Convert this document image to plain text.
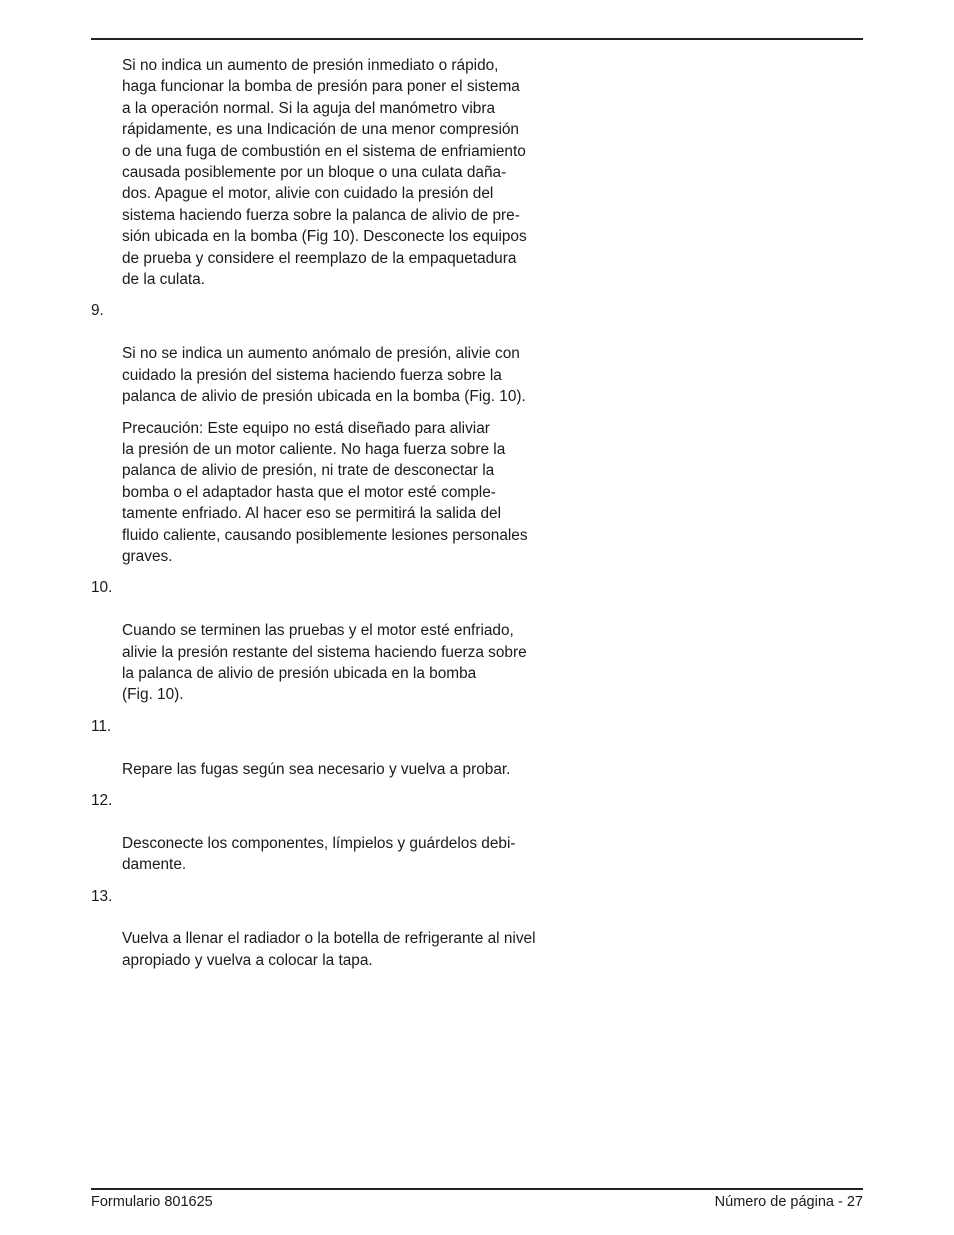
Si no indica un aumento de presión inmediato o rápido,
haga funcionar la bomba de presión para poner el sistema
a la operación normal. Si la aguja del manómetro vibra
rápidamente, es una Indicación de una menor compresión
o de una fuga de combustión en el sistema de enfriamiento
causada posiblemente por un bloque o una culata daña-
dos. Apague el motor, alivie con cuidado la presión del
sistema haciendo fuerza sobre la palanca de alivio de pre-
sión ubicada en la bomba (Fig 10). Desconecte los equipos
de prueba y considere el reemplazo de la empaquetadura
de la culata.

9.

Si no se indica un aumento anómalo de presión, alivie con
cuidado la presión del sistema haciendo fuerza sobre la
palanca de alivio de presión ubicada en la bomba (Fig. 10).

Precaución: Este equipo no está diseñado para aliviar
la presión de un motor caliente. No haga fuerza sobre la
palanca de alivio de presión, ni trate de desconectar la
bomba o el adaptador hasta que el motor esté comple-
tamente enfriado. Al hacer eso se permitirá la salida del
fluido caliente, causando posiblemente lesiones personales
graves.

10.

Cuando se terminen las pruebas y el motor esté enfriado,
alivie la presión restante del sistema haciendo fuerza sobre
la palanca de alivio de presión ubicada en la bomba
(Fig. 10).

11.

Repare las fugas según sea necesario y vuelva a probar.

12.

Desconecte los componentes, límpielos y guárdelos debi-
damente.

13.

Vuelva a llenar el radiador o la botella de refrigerante al nivel
apropiado y vuelva a colocar la tapa.

Formulario 801625	Número de página - 27
